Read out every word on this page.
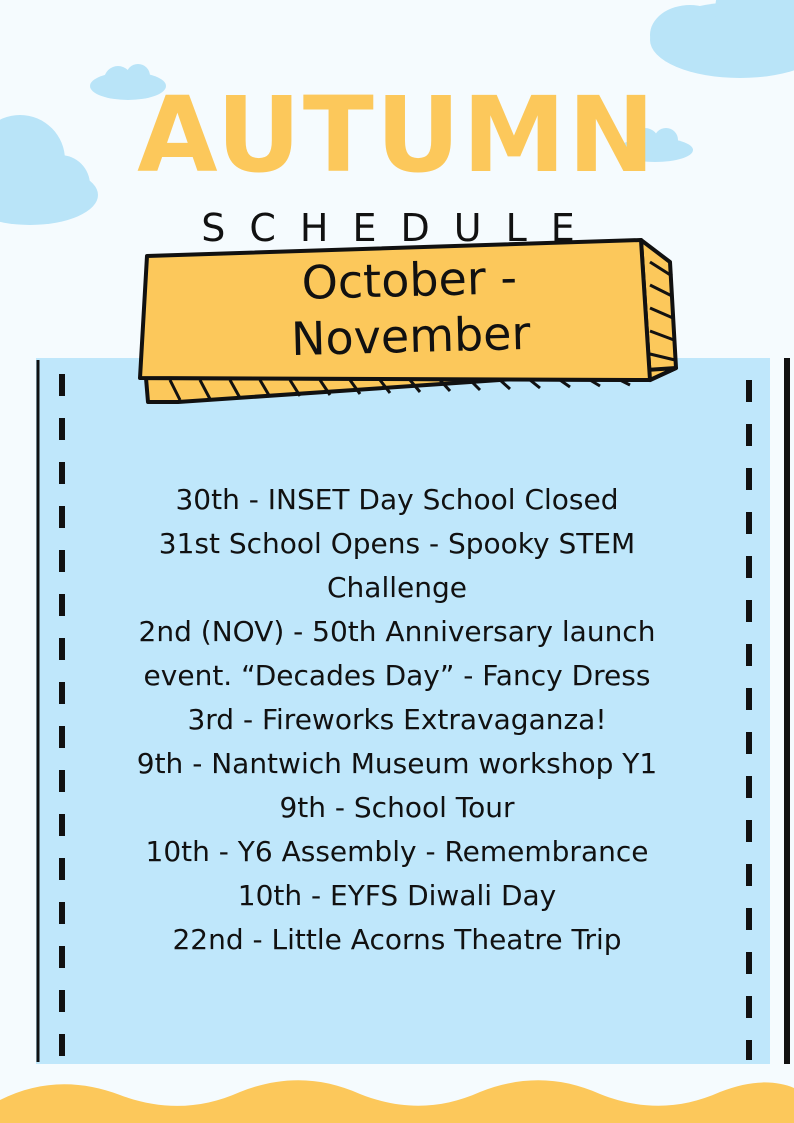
AUTUMN
SCHEDULE
October -
November
30th - INSET Day School Closed
31st School Opens - Spooky STEM
Challenge
2nd (NOV) - 50th Anniversary launch
event. “Decades Day” - Fancy Dress
3rd - Fireworks Extravaganza!
9th - Nantwich Museum workshop Y1
9th - School Tour
10th - Y6 Assembly - Remembrance
10th - EYFS Diwali Day
22nd - Little Acorns Theatre Trip
